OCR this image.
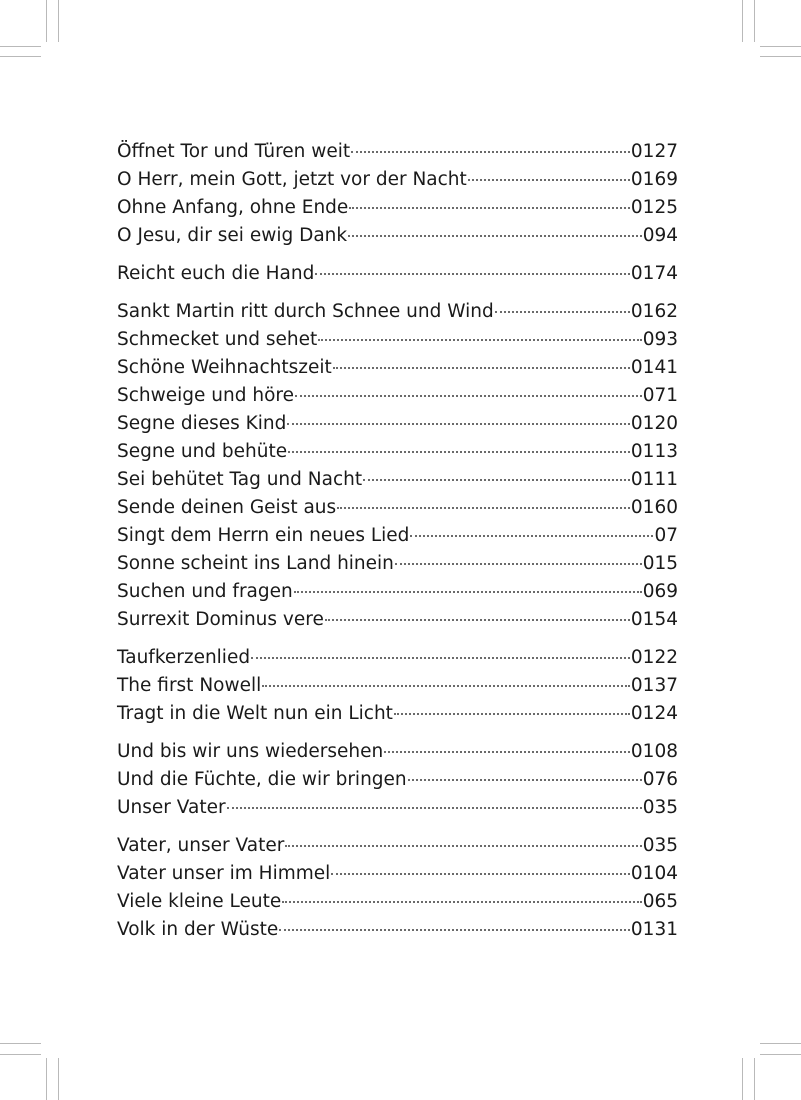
Öffnet Tor und Türen weit	0127
O Herr, mein Gott, jetzt vor der Nacht	0169
Ohne Anfang, ohne Ende	0125
O Jesu, dir sei ewig Dank	094
Reicht euch die Hand	0174
Sankt Martin ritt durch Schnee und Wind	0162
Schmecket und sehet	093
Schöne Weihnachtszeit	0141
Schweige und höre	071
Segne dieses Kind	0120
Segne und behüte	0113
Sei behütet Tag und Nacht	0111
Sende deinen Geist aus	0160
Singt dem Herrn ein neues Lied	07
Sonne scheint ins Land hinein	015
Suchen und fragen	069
Surrexit Dominus vere	0154
Taufkerzenlied	0122
The first Nowell	0137
Tragt in die Welt nun ein Licht	0124
Und bis wir uns wiedersehen	0108
Und die Füchte, die wir bringen	076
Unser Vater	035
Vater, unser Vater	035
Vater unser im Himmel	0104
Viele kleine Leute	065
Volk in der Wüste	0131
